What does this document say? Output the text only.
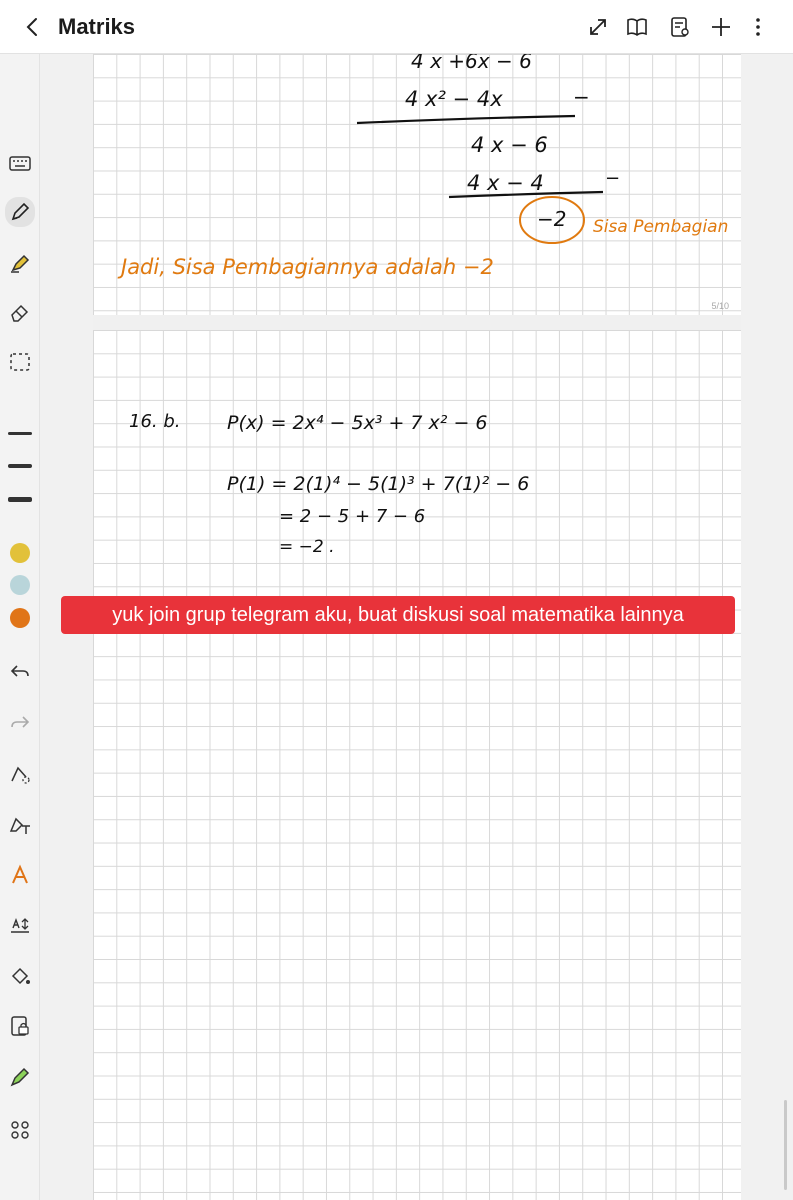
Matriks
4 x +6x − 6
4 x² − 4x	−
4 x − 6
4 x − 4	−
−2 Sisa Pembagian
Jadi, Sisa Pembagiannya adalah −2
5/10
16. b. P(x) = 2x⁴ − 5x³ + 7 x² − 6
P(1) = 2(1)⁴ − 5(1)³ + 7(1)² − 6
= 2 − 5 + 7 − 6
= −2 .
yuk join grup telegram aku, buat diskusi soal matematika lainnya
